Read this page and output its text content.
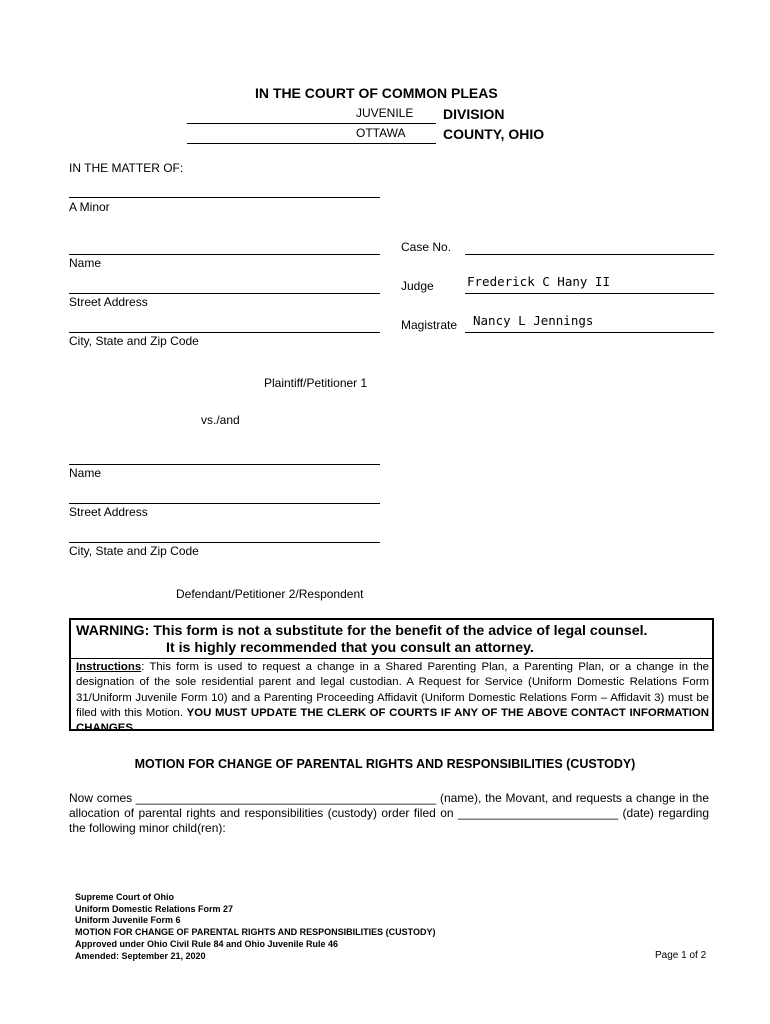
IN THE COURT OF COMMON PLEAS
JUVENILE DIVISION
OTTAWA	COUNTY, OHIO
IN THE MATTER OF:
A Minor
Name
Street Address
City, State and Zip Code
Plaintiff/Petitioner 1
vs./and
Name
Street Address
City, State and Zip Code
Defendant/Petitioner 2/Respondent
Case No.
Judge	Frederick C Hany II
Magistrate Nancy L Jennings
WARNING: This form is not a substitute for the benefit of the advice of legal counsel.
It is highly recommended that you consult an attorney.
Instructions: This form is used to request a change in a Shared Parenting Plan, a Parenting Plan, or a change in the designation of the sole residential parent and legal custodian. A Request for Service (Uniform Domestic Relations Form 31/Uniform Juvenile Form 10) and a Parenting Proceeding Affidavit (Uniform Domestic Relations Form – Affidavit 3) must be filed with this Motion. YOU MUST UPDATE THE CLERK OF COURTS IF ANY OF THE ABOVE CONTACT INFORMATION CHANGES.
MOTION FOR CHANGE OF PARENTAL RIGHTS AND RESPONSIBILITIES (CUSTODY)
Now comes _____________________________________________ (name), the Movant, and requests a change in the allocation of parental rights and responsibilities (custody) order filed on ________________________ (date) regarding the following minor child(ren):
Supreme Court of Ohio
Uniform Domestic Relations Form 27
Uniform Juvenile Form 6
MOTION FOR CHANGE OF PARENTAL RIGHTS AND RESPONSIBILITIES (CUSTODY)
Approved under Ohio Civil Rule 84 and Ohio Juvenile Rule 46
Amended: September 21, 2020	Page 1 of 2
